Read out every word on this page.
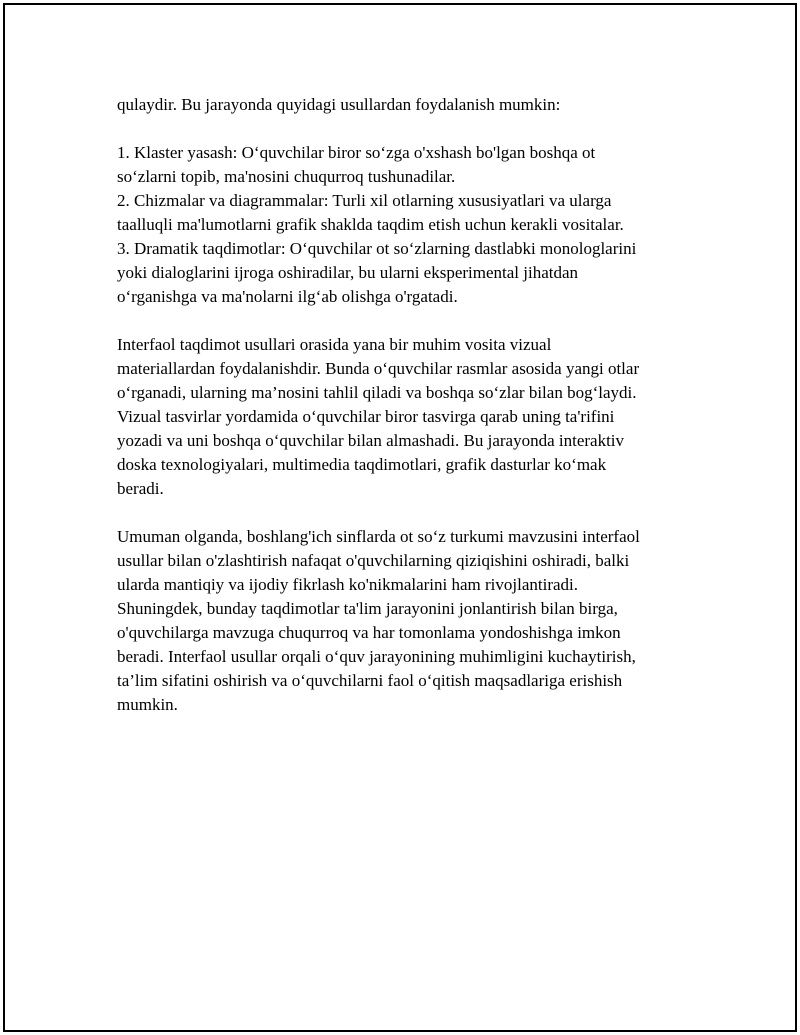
qulaydir. Bu jarayonda quyidagi usullardan foydalanish mumkin:

1. Klaster yasash: O‘quvchilar biror so‘zga o'xshash bo'lgan boshqa ot

so‘zlarni topib, ma'nosini chuqurroq tushunadilar.

2. Chizmalar va diagrammalar: Turli xil otlarning xususiyatlari va ularga

taalluqli ma'lumotlarni grafik shaklda taqdim etish uchun kerakli vositalar.

3. Dramatik taqdimotlar: O‘quvchilar ot so‘zlarning dastlabki monologlarini

yoki dialoglarini ijroga oshiradilar, bu ularni eksperimental jihatdan

o‘rganishga va ma'nolarni ilg‘ab olishga o'rgatadi.

Interfaol taqdimot usullari orasida yana bir muhim vosita vizual

materiallardan foydalanishdir. Bunda o‘quvchilar rasmlar asosida yangi otlar

o‘rganadi, ularning ma’nosini tahlil qiladi va boshqa so‘zlar bilan bog‘laydi.

Vizual tasvirlar yordamida o‘quvchilar biror tasvirga qarab uning ta'rifini

yozadi va uni boshqa o‘quvchilar bilan almashadi. Bu jarayonda interaktiv

doska texnologiyalari, multimedia taqdimotlari, grafik dasturlar ko‘mak

beradi.

Umuman olganda, boshlang'ich sinflarda ot so‘z turkumi mavzusini interfaol

usullar bilan o'zlashtirish nafaqat o'quvchilarning qiziqishini oshiradi, balki

ularda mantiqiy va ijodiy fikrlash ko'nikmalarini ham rivojlantiradi.

Shuningdek, bunday taqdimotlar ta'lim jarayonini jonlantirish bilan birga,

o'quvchilarga mavzuga chuqurroq va har tomonlama yondoshishga imkon

beradi. Interfaol usullar orqali o‘quv jarayonining muhimligini kuchaytirish,

ta’lim sifatini oshirish va o‘quvchilarni faol o‘qitish maqsadlariga erishish

mumkin.
